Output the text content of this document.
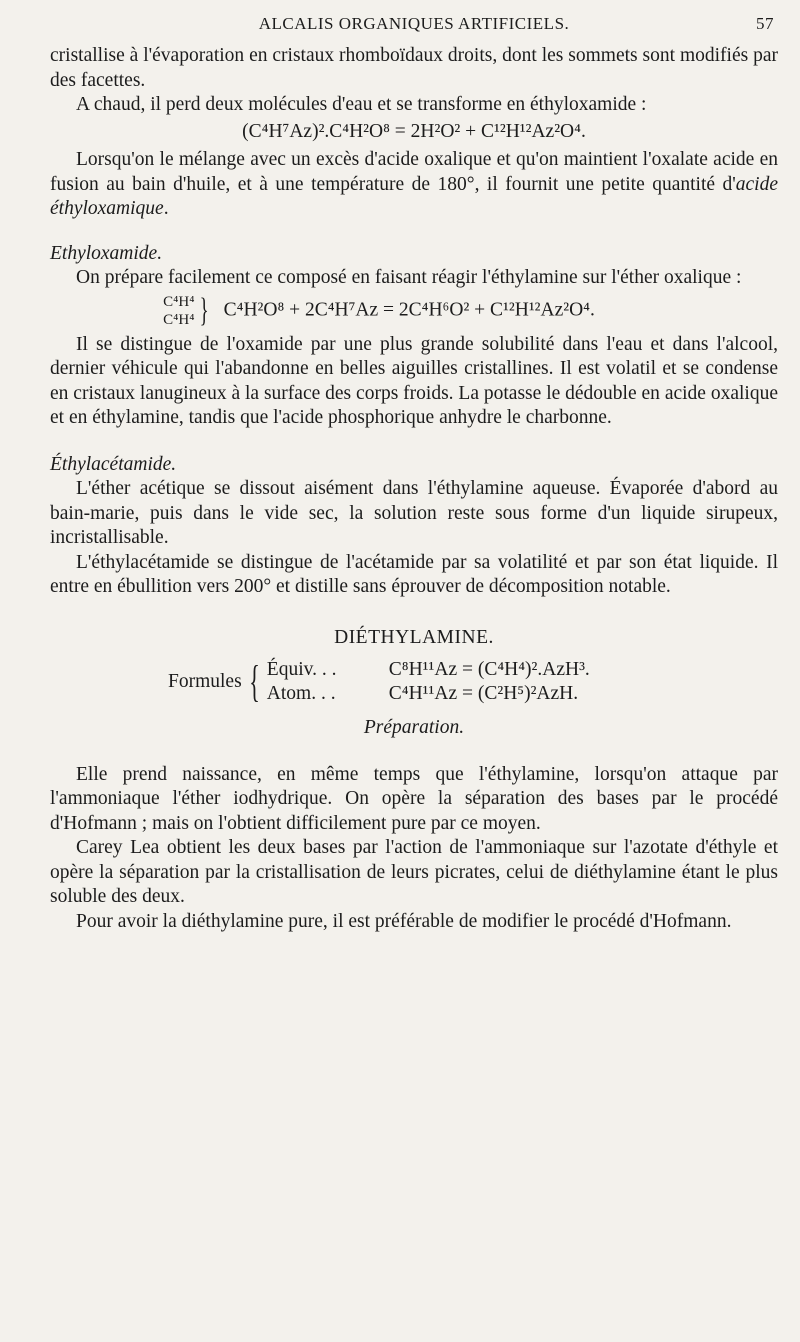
ALCALIS ORGANIQUES ARTIFICIELS.	57

cristallise à l'évaporation en cristaux rhomboïdaux droits, dont les sommets sont modifiés par des facettes.

A chaud, il perd deux molécules d'eau et se transforme en éthyloxamide :

(C⁴H⁷Az)².C⁴H²O⁸ = 2H²O² + C¹²H¹²Az²O⁴.

Lorsqu'on le mélange avec un excès d'acide oxalique et qu'on maintient l'oxalate acide en fusion au bain d'huile, et à une température de 180°, il fournit une petite quantité d'acide éthyloxamique.

Ethyloxamide.

On prépare facilement ce composé en faisant réagir l'éthylamine sur l'éther oxalique :

C⁴H⁴
C⁴H⁴ } C⁴H²O⁸ + 2C⁴H⁷Az = 2C⁴H⁶O² + C¹²H¹²Az²O⁴.

Il se distingue de l'oxamide par une plus grande solubilité dans l'eau et dans l'alcool, dernier véhicule qui l'abandonne en belles aiguilles cristallines. Il est volatil et se condense en cristaux lanugineux à la surface des corps froids. La potasse le dédouble en acide oxalique et en éthylamine, tandis que l'acide phosphorique anhydre le charbonne.

Éthylacétamide.

L'éther acétique se dissout aisément dans l'éthylamine aqueuse. Évaporée d'abord au bain-marie, puis dans le vide sec, la solution reste sous forme d'un liquide sirupeux, incristallisable.

L'éthylacétamide se distingue de l'acétamide par sa volatilité et par son état liquide. Il entre en ébullition vers 200° et distille sans éprouver de décomposition notable.

DIÉTHYLAMINE.
Formules { Équiv. . .	C⁸H¹¹Az = (C⁴H⁴)².AzH³.
Atom. . .	C⁴H¹¹Az = (C²H⁵)²AzH.
Préparation.

Elle prend naissance, en même temps que l'éthylamine, lorsqu'on attaque par l'ammoniaque l'éther iodhydrique. On opère la séparation des bases par le procédé d'Hofmann ; mais on l'obtient difficilement pure par ce moyen.

Carey Lea obtient les deux bases par l'action de l'ammoniaque sur l'azotate d'éthyle et opère la séparation par la cristallisation de leurs picrates, celui de diéthylamine étant le plus soluble des deux.

Pour avoir la diéthylamine pure, il est préférable de modifier le procédé d'Hofmann.
